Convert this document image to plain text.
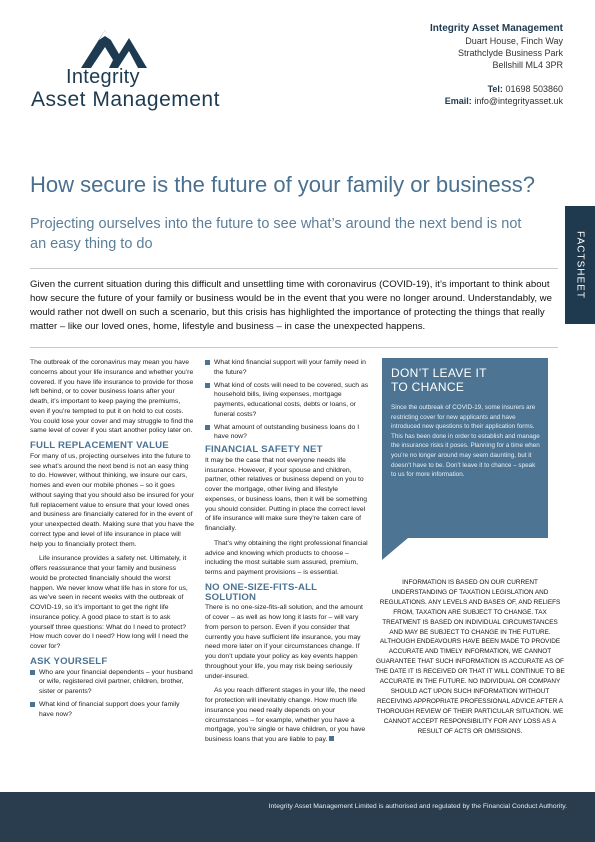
Integrity
Asset Management
Integrity Asset Management
Duart House, Finch Way
Strathclyde Business Park
Bellshill ML4 3PR
Tel: 01698 503860
Email: info@integrityasset.uk
How secure is the future of your family or business?
Projecting ourselves into the future to see what’s around the next bend is not an easy thing to do	FACTSHEET
Given the current situation during this difficult and unsettling time with coronavirus (COVID-19), it’s important to think about how secure the future of your family or business would be in the event that you were no longer around. Understandably, we would rather not dwell on such a scenario, but this crisis has highlighted the importance of protecting the things that really matter – like our loved ones, home, lifestyle and business – in case the unexpected happens.

The outbreak of the coronavirus may mean you have concerns about your life insurance and whether you’re covered. If you have life insurance to provide for those left behind, or to cover business loans after your death, it’s important to keep paying the premiums, even if you’re tempted to put it on hold to cut costs. You could lose your cover and may struggle to find the same level of cover if you start another policy later on.

FULL REPLACEMENT VALUE

For many of us, projecting ourselves into the future to see what’s around the next bend is not an easy thing to do. However, without thinking, we insure our cars, homes and even our mobile phones – so it goes without saying that you should also be insured for your full replacement value to ensure that your loved ones and business are financially catered for in the event of your unexpected death. Making sure that you have the correct type and level of life insurance in place will help you to financially protect them.

Life insurance provides a safety net. Ultimately, it offers reassurance that your family and business would be protected financially should the worst happen. We never know what life has in store for us, as we’ve seen in recent weeks with the outbreak of COVID-19, so it’s important to get the right life insurance policy. A good place to start is to ask yourself three questions: What do I need to protect? How much cover do I need? How long will I need the cover for?

ASK YOURSELF
Who are your financial dependents – your husband or wife, registered civil partner, children, brother, sister or parents?
What kind of financial support does your family have now?
What kind financial support will your family need in the future?
What kind of costs will need to be covered, such as household bills, living expenses, mortgage payments, educational costs, debts or loans, or funeral costs?
What amount of outstanding business loans do I have now?
FINANCIAL SAFETY NET

It may be the case that not everyone needs life insurance. However, if your spouse and children, partner, other relatives or business depend on you to cover the mortgage, other living and lifestyle expenses, or business loans, then it will be something you should consider. Putting in place the correct level of life insurance will make sure they’re taken care of financially.

That’s why obtaining the right professional financial advice and knowing which products to choose – including the most suitable sum assured, premium, terms and payment provisions – is essential.

NO ONE-SIZE-FITS-ALL SOLUTION

There is no one-size-fits-all solution, and the amount of cover – as well as how long it lasts for – will vary from person to person. Even if you consider that currently you have sufficient life insurance, you may need more later on if your circumstances change. If you don’t update your policy as key events happen throughout your life, you may risk being seriously under-insured.

As you reach different stages in your life, the need for protection will inevitably change. How much life insurance you need really depends on your circumstances – for example, whether you have a mortgage, you’re single or have children, or you have business loans that you are liable to pay.

DON’T LEAVE IT TO CHANCE

Since the outbreak of COVID-19, some insurers are restricting cover for new applicants and have introduced new questions to their application forms. This has been done in order to establish and manage the insurance risks it poses. Planning for a time when you’re no longer around may seem daunting, but it doesn’t have to be. Don’t leave it to chance – speak to us for more information.

INFORMATION IS BASED ON OUR CURRENT UNDERSTANDING OF TAXATION LEGISLATION AND REGULATIONS. ANY LEVELS AND BASES OF, AND RELIEFS FROM, TAXATION ARE SUBJECT TO CHANGE. TAX TREATMENT IS BASED ON INDIVIDUAL CIRCUMSTANCES AND MAY BE SUBJECT TO CHANGE IN THE FUTURE. ALTHOUGH ENDEAVOURS HAVE BEEN MADE TO PROVIDE ACCURATE AND TIMELY INFORMATION, WE CANNOT GUARANTEE THAT SUCH INFORMATION IS ACCURATE AS OF THE DATE IT IS RECEIVED OR THAT IT WILL CONTINUE TO BE ACCURATE IN THE FUTURE. NO INDIVIDUAL OR COMPANY SHOULD ACT UPON SUCH INFORMATION WITHOUT RECEIVING APPROPRIATE PROFESSIONAL ADVICE AFTER A THOROUGH REVIEW OF THEIR PARTICULAR SITUATION. WE CANNOT ACCEPT RESPONSIBILITY FOR ANY LOSS AS A RESULT OF ACTS OR OMISSIONS.
Integrity Asset Management Limited is authorised and regulated by the Financial Conduct Authority.
